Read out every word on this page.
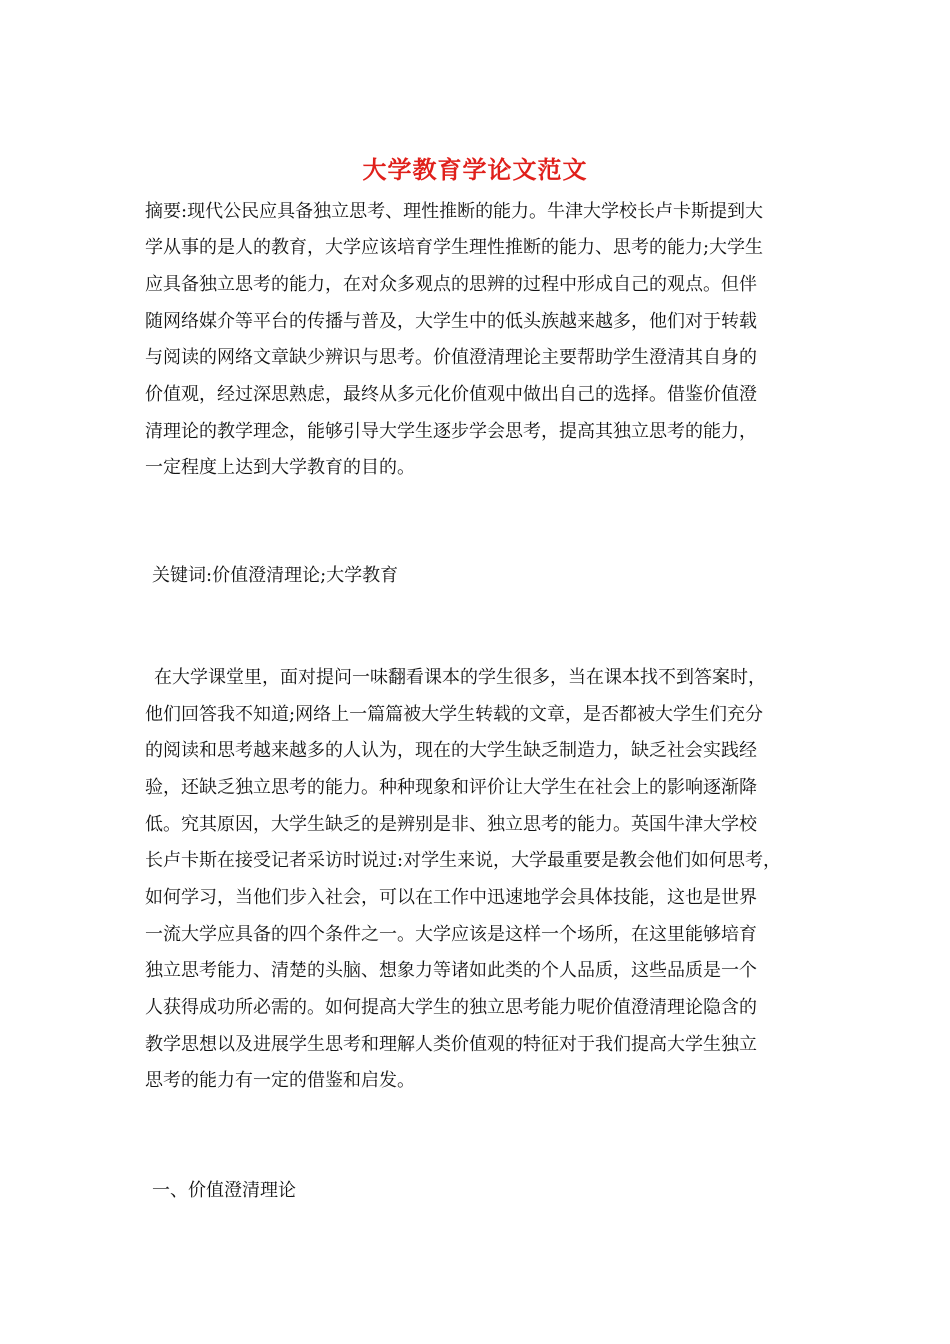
大学教育学论文范文
摘要:现代公民应具备独立思考、理性推断的能力。牛津大学校长卢卡斯提到大
学从事的是人的教育，大学应该培育学生理性推断的能力、思考的能力;大学生
应具备独立思考的能力，在对众多观点的思辨的过程中形成自己的观点。但伴
随网络媒介等平台的传播与普及，大学生中的低头族越来越多，他们对于转载
与阅读的网络文章缺少辨识与思考。价值澄清理论主要帮助学生澄清其自身的
价值观，经过深思熟虑，最终从多元化价值观中做出自己的选择。借鉴价值澄
清理论的教学理念，能够引导大学生逐步学会思考，提高其独立思考的能力，
一定程度上达到大学教育的目的。
关键词:价值澄清理论;大学教育
在大学课堂里，面对提问一味翻看课本的学生很多，当在课本找不到答案时，
他们回答我不知道;网络上一篇篇被大学生转载的文章，是否都被大学生们充分
的阅读和思考越来越多的人认为，现在的大学生缺乏制造力，缺乏社会实践经
验，还缺乏独立思考的能力。种种现象和评价让大学生在社会上的影响逐渐降
低。究其原因，大学生缺乏的是辨别是非、独立思考的能力。英国牛津大学校
长卢卡斯在接受记者采访时说过:对学生来说，大学最重要是教会他们如何思考，
如何学习，当他们步入社会，可以在工作中迅速地学会具体技能，这也是世界
一流大学应具备的四个条件之一。大学应该是这样一个场所，在这里能够培育
独立思考能力、清楚的头脑、想象力等诸如此类的个人品质，这些品质是一个
人获得成功所必需的。如何提高大学生的独立思考能力呢价值澄清理论隐含的
教学思想以及进展学生思考和理解人类价值观的特征对于我们提高大学生独立
思考的能力有一定的借鉴和启发。
一、价值澄清理论
